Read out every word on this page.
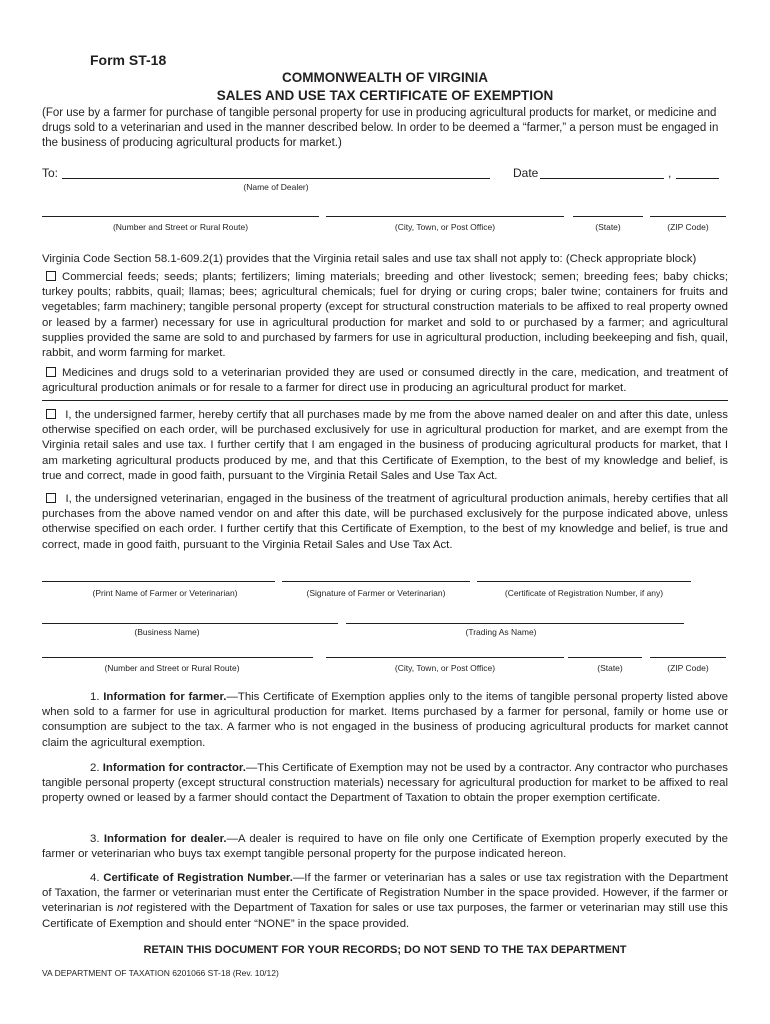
Form ST-18
COMMONWEALTH OF VIRGINIA
SALES AND USE TAX CERTIFICATE OF EXEMPTION
(For use by a farmer for purchase of tangible personal property for use in producing agricultural products for market, or medicine and drugs sold to a veterinarian and used in the manner described below. In order to be deemed a “farmer,” a person must be engaged in the business of producing agricultural products for market.)
To:
(Name of Dealer)
Date	,
(Number and Street or Rural Route)	(City, Town, or Post Office)	(State)	(ZIP Code)
Virginia Code Section 58.1-609.2(1) provides that the Virginia retail sales and use tax shall not apply to: (Check appropriate block)
Commercial feeds; seeds; plants; fertilizers; liming materials; breeding and other livestock; semen; breeding fees; baby chicks; turkey poults; rabbits, quail; llamas; bees; agricultural chemicals; fuel for drying or curing crops; baler twine; containers for fruits and vegetables; farm machinery; tangible personal property (except for structural construction materials to be affixed to real property owned or leased by a farmer) necessary for use in agricultural production for market and sold to or purchased by a farmer; and agricultural supplies provided the same are sold to and purchased by farmers for use in agricultural production, including beekeeping and fish, quail, rabbit, and worm farming for market.
Medicines and drugs sold to a veterinarian provided they are used or consumed directly in the care, medication, and treatment of agricultural production animals or for resale to a farmer for direct use in producing an agricultural product for market.
I, the undersigned farmer, hereby certify that all purchases made by me from the above named dealer on and after this date, unless otherwise specified on each order, will be purchased exclusively for use in agricultural production for market, and are exempt from the Virginia retail sales and use tax. I further certify that I am engaged in the business of producing agricultural products for market, that I am marketing agricultural products produced by me, and that this Certificate of Exemption, to the best of my knowledge and belief, is true and correct, made in good faith, pursuant to the Virginia Retail Sales and Use Tax Act.
I, the undersigned veterinarian, engaged in the business of the treatment of agricultural production animals, hereby certifies that all purchases from the above named vendor on and after this date, will be purchased exclusively for the purpose indicated above, unless otherwise specified on each order. I further certify that this Certificate of Exemption, to the best of my knowledge and belief, is true and correct, made in good faith, pursuant to the Virginia Retail Sales and Use Tax Act.
(Print Name of Farmer or Veterinarian)	(Signature of Farmer or Veterinarian)	(Certificate of Registration Number, if any)
(Business Name)	(Trading As Name)
(Number and Street or Rural Route)	(City, Town, or Post Office)	(State)	(ZIP Code)
1. Information for farmer.—This Certificate of Exemption applies only to the items of tangible personal property listed above when sold to a farmer for use in agricultural production for market. Items purchased by a farmer for personal, family or home use or consumption are subject to the tax. A farmer who is not engaged in the business of producing agricultural products for market cannot claim the agricultural exemption.
2. Information for contractor.—This Certificate of Exemption may not be used by a contractor. Any contractor who purchases tangible personal property (except structural construction materials) necessary for agricultural production for market to be affixed to real property owned or leased by a farmer should contact the Department of Taxation to obtain the proper exemption certificate.
3. Information for dealer.—A dealer is required to have on file only one Certificate of Exemption properly executed by the farmer or veterinarian who buys tax exempt tangible personal property for the purpose indicated hereon.
4. Certificate of Registration Number.—If the farmer or veterinarian has a sales or use tax registration with the Department of Taxation, the farmer or veterinarian must enter the Certificate of Registration Number in the space provided. However, if the farmer or veterinarian is not registered with the Department of Taxation for sales or use tax purposes, the farmer or veterinarian may still use this Certificate of Exemption and should enter “NONE” in the space provided.
RETAIN THIS DOCUMENT FOR YOUR RECORDS; DO NOT SEND TO THE TAX DEPARTMENT
VA DEPARTMENT OF TAXATION 6201066 ST-18 (Rev. 10/12)
